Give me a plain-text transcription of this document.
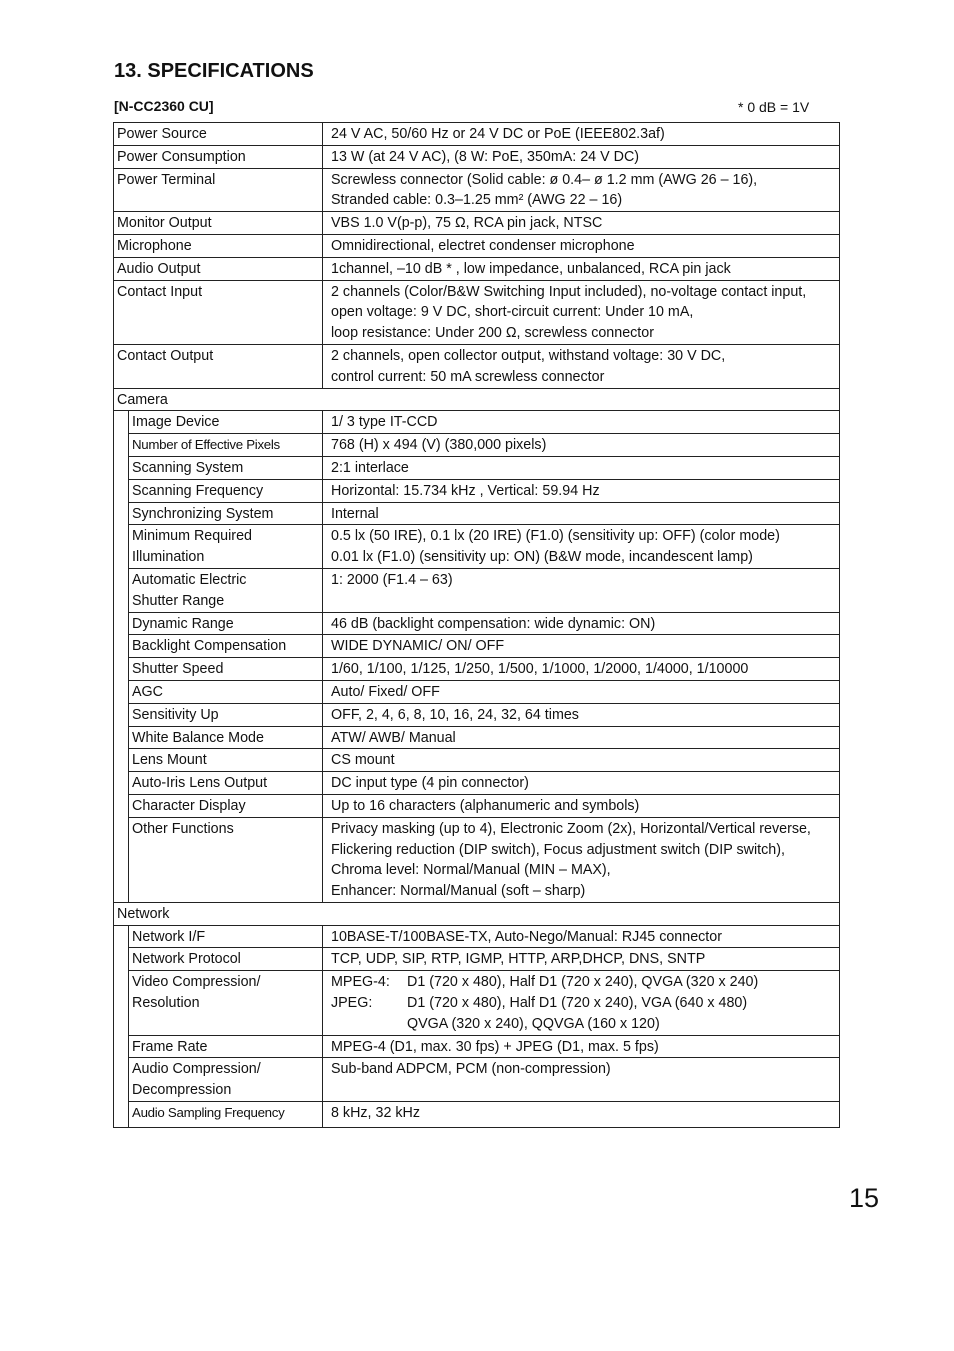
13. SPECIFICATIONS
[N-CC2360 CU]	* 0 dB = 1V
Power Source		24 V AC, 50/60 Hz or 24 V DC or PoE (IEEE802.3af)
Power Consumption		13 W (at 24 V AC), (8 W: PoE, 350mA: 24 V DC)
Power Terminal		Screwless connector (Solid cable: ø 0.4– ø 1.2 mm (AWG 26 – 16),
Stranded cable: 0.3–1.25 mm² (AWG 22 – 16)

Monitor Output		VBS 1.0 V(p-p), 75 Ω, RCA pin jack, NTSC
Microphone		Omnidirectional, electret condenser microphone
Audio Output		1channel, –10 dB * , low impedance, unbalanced, RCA pin jack
Contact Input		2 channels (Color/B&W Switching Input included), no-voltage contact input,
open voltage: 9 V DC, short-circuit current: Under 10 mA,
loop resistance: Under 200 Ω, screwless connector

Contact Output		2 channels, open collector output, withstand voltage: 30 V DC,
control current: 50 mA screwless connector

Camera		
	Image Device	1/ 3 type IT-CCD
	Number of Effective Pixels	768 (H) x 494 (V) (380,000 pixels)
	Scanning System	2:1 interlace
	Scanning Frequency	Horizontal: 15.734 kHz , Vertical: 59.94 Hz
	Synchronizing System	Internal

	Minimum Required
Illumination	0.5 lx (50 IRE), 0.1 lx (20 IRE) (F1.0) (sensitivity up: OFF) (color mode)
0.01 lx (F1.0) (sensitivity up: ON) (B&W mode, incandescent lamp)

	Automatic Electric
Shutter Range	1: 2000 (F1.4 – 63)
	Dynamic Range	46 dB (backlight compensation: wide dynamic: ON)
	Backlight Compensation	WIDE DYNAMIC/ ON/ OFF
	Shutter Speed	1/60, 1/100, 1/125, 1/250, 1/500, 1/1000, 1/2000, 1/4000, 1/10000
	AGC	Auto/ Fixed/ OFF
	Sensitivity Up	OFF, 2, 4, 6, 8, 10, 16, 24, 32, 64 times
	White Balance Mode	ATW/ AWB/ Manual
	Lens Mount	CS mount
	Auto-Iris Lens Output	DC input type (4 pin connector)
	Character Display	Up to 16 characters (alphanumeric and symbols)
	Other Functions	Privacy masking (up to 4), Electronic Zoom (2x), Horizontal/Vertical reverse,
Flickering reduction (DIP switch), Focus adjustment switch (DIP switch),
Chroma level: Normal/Manual (MIN – MAX),
Enhancer: Normal/Manual (soft – sharp)

Network		
	Network I/F	10BASE-T/100BASE-TX, Auto-Nego/Manual: RJ45 connector
	Network Protocol	TCP, UDP, SIP, RTP, IGMP, HTTP, ARP,DHCP, DNS, SNTP

	Video Compression/
Resolution	MPEG-4: D1 (720 x 480), Half D1 (720 x 240), QVGA (320 x 240)
JPEG: D1 (720 x 480), Half D1 (720 x 240), VGA (640 x 480)
QVGA (320 x 240), QQVGA (160 x 120)

	Frame Rate	MPEG-4 (D1, max. 30 fps) + JPEG (D1, max. 5 fps)

	Audio Compression/
Decompression	Sub-band ADPCM, PCM (non-compression)
	Audio Sampling Frequency	8 kHz, 32 kHz
15
